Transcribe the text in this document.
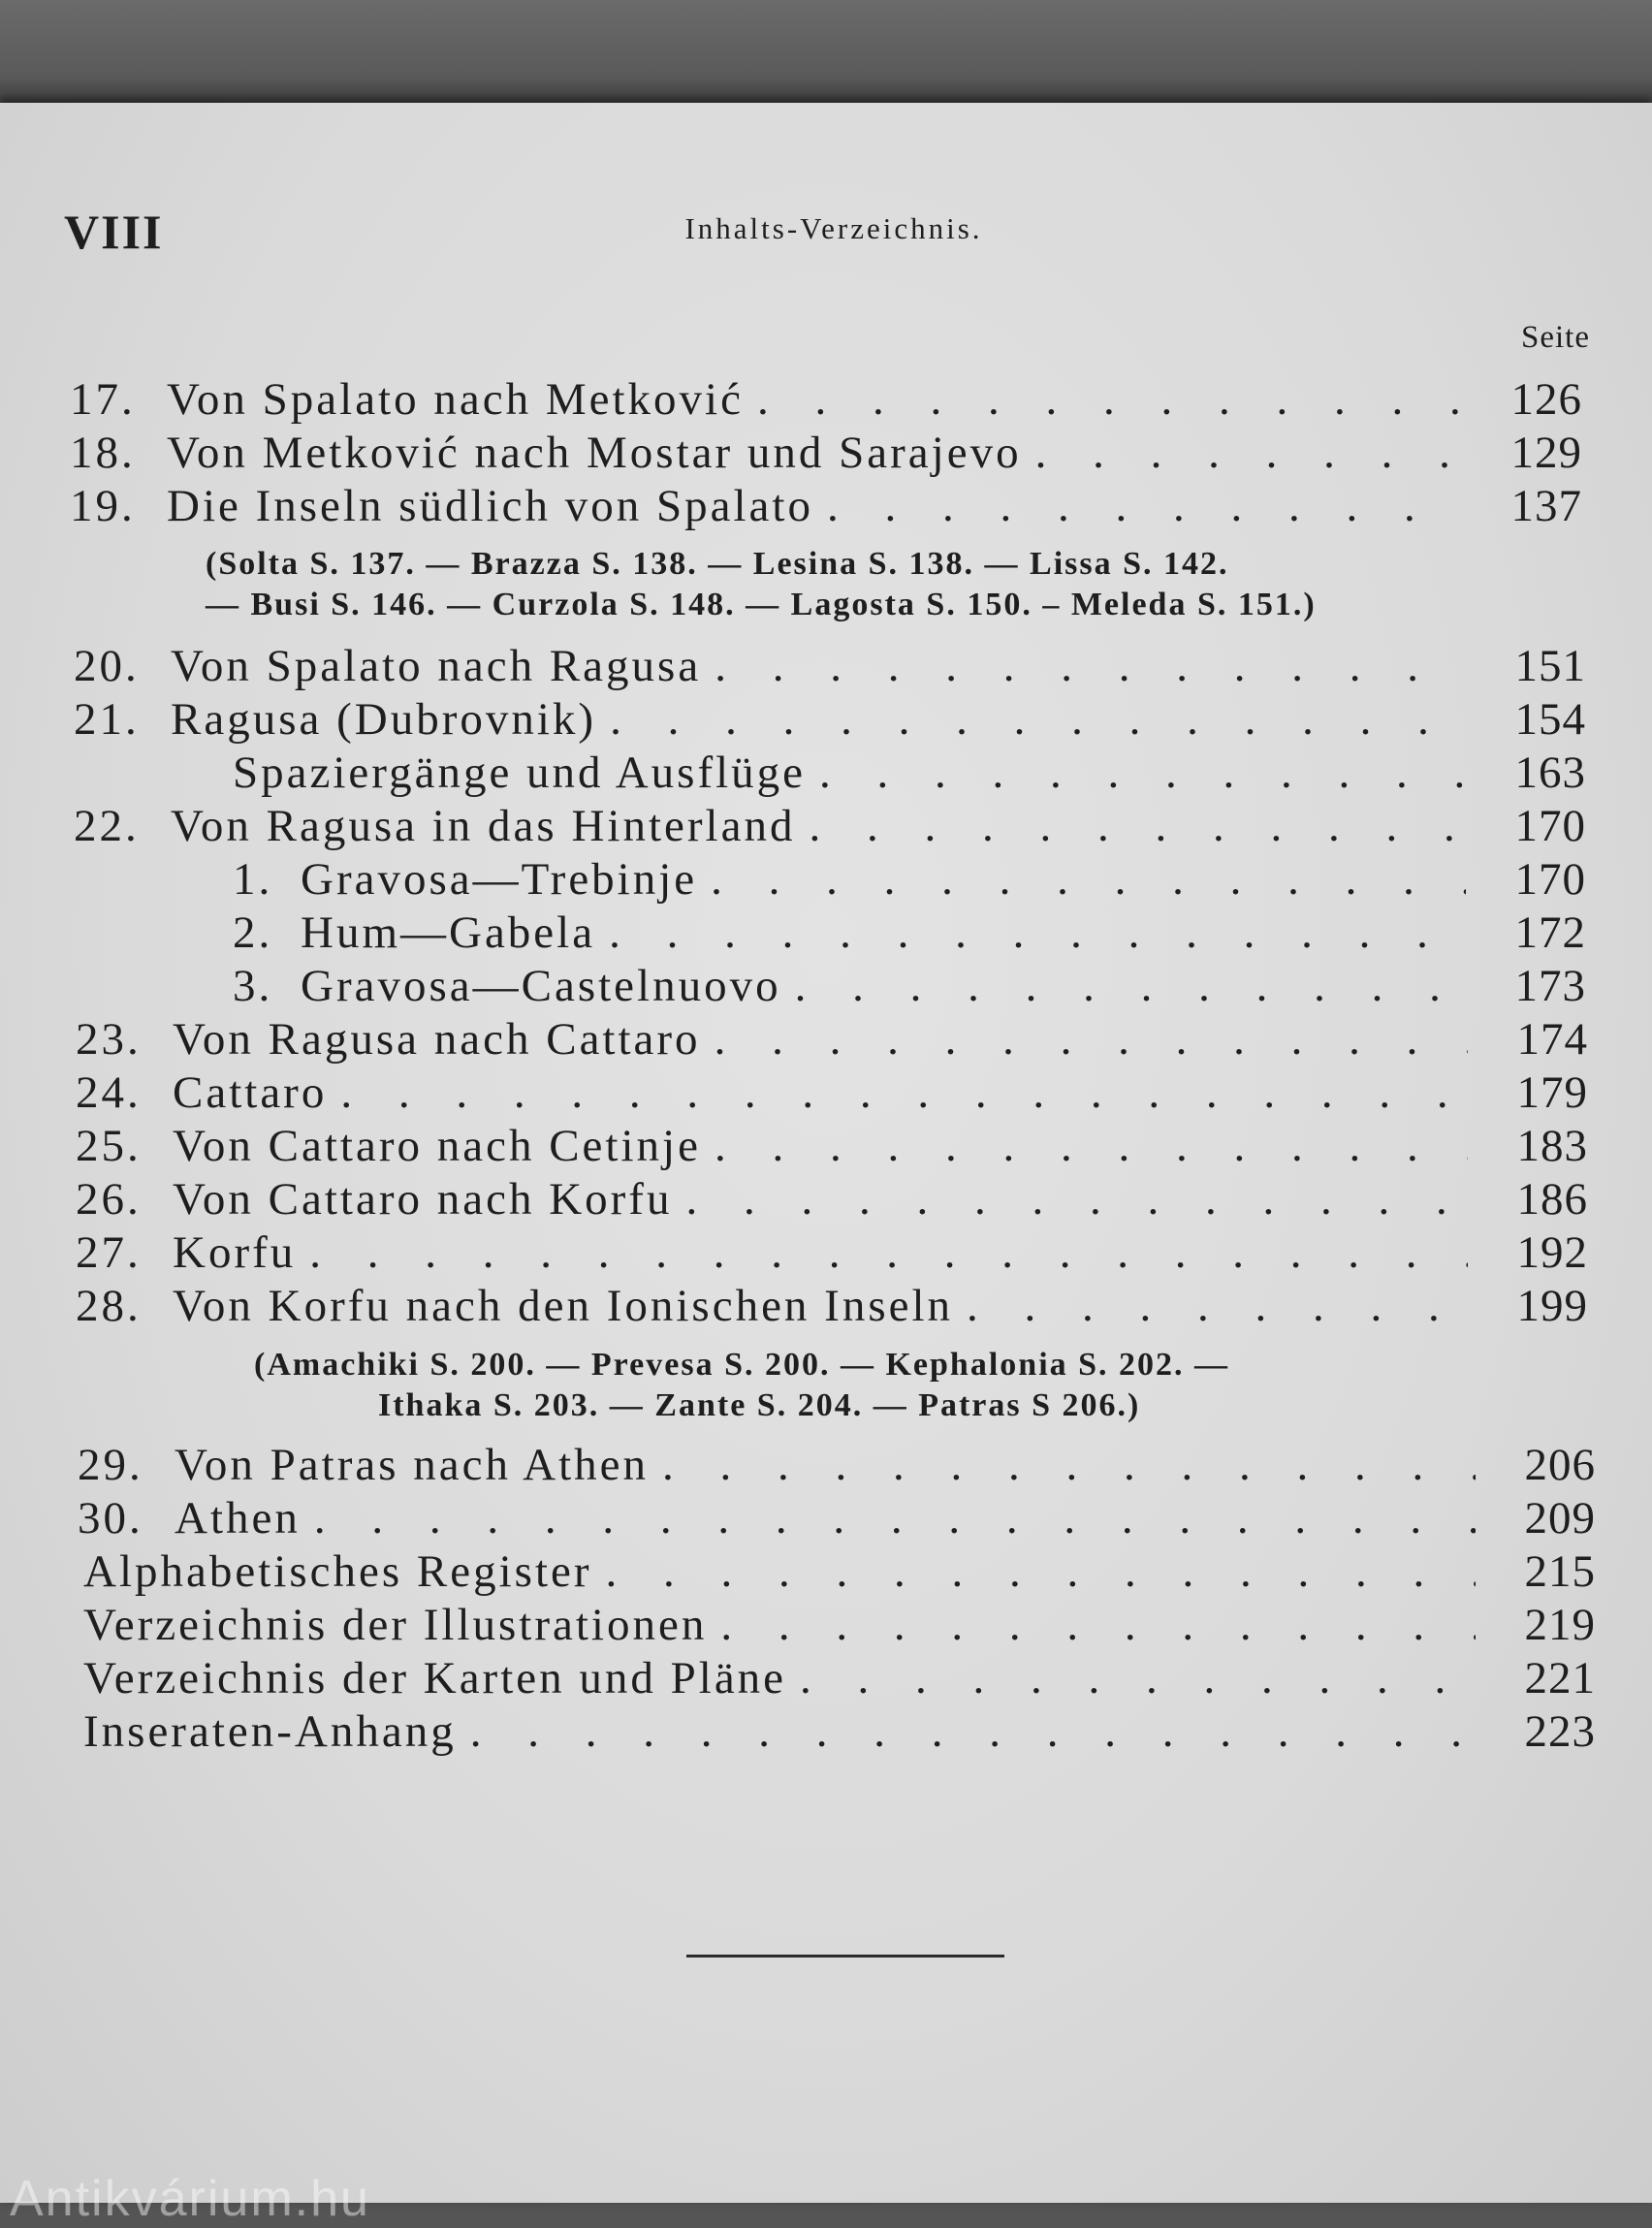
VIII	Inhalts-Verzeichnis.
Seite
17. Von Spalato nach Metković . . .	126
18. Von Metković nach Mostar und Sarajevo . . .	129
19. Die Inseln südlich von Spalato . . .	137
(Solta S. 137. — Brazza S. 138. — Lesina S. 138. — Lissa S. 142.
— Busi S. 146. — Curzola S. 148. — Lagosta S. 150. – Meleda S. 151.)
20. Von Spalato nach Ragusa . . .	151
21. Ragusa (Dubrovnik) . . .	154
Spaziergänge und Ausflüge . . .	163
22. Von Ragusa in das Hinterland . . .	170
1. Gravosa—Trebinje . . .	170
2. Hum—Gabela . . .	172
3. Gravosa—Castelnuovo . . .	173
23. Von Ragusa nach Cattaro . . .	174
24. Cattaro . . .	179
25. Von Cattaro nach Cetinje . . .	183
26. Von Cattaro nach Korfu . . .	186
27. Korfu . . .	192
28. Von Korfu nach den Ionischen Inseln . . .	199
(Amachiki S. 200. — Prevesa S. 200. — Kephalonia S. 202. —
Ithaka S. 203. — Zante S. 204. — Patras S 206.)
29. Von Patras nach Athen . . .	206
30. Athen . . .	209
Alphabetisches Register . . .	215
Verzeichnis der Illustrationen . . .	219
Verzeichnis der Karten und Pläne . . .	221
Inseraten-Anhang . . .	223
Antikvárium.hu
